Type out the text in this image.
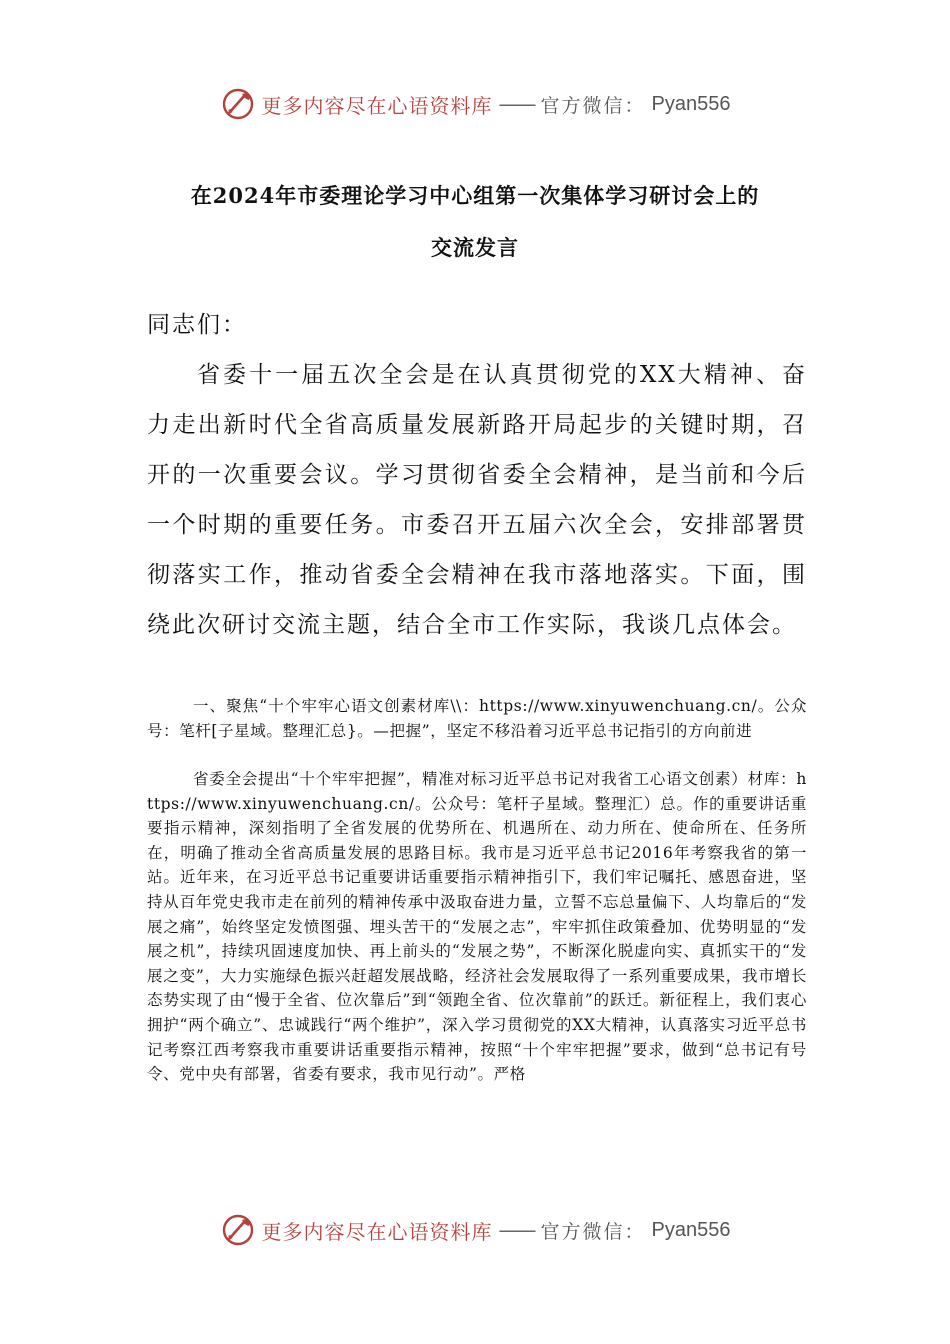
更多内容尽在心语资料库 —— 官方微信： Pyan556
在2024年市委理论学习中心组第一次集体学习研讨会上的
交流发言
同志们：

省委十一届五次全会是在认真贯彻党的XX大精神、奋力走出新时代全省高质量发展新路开局起步的关键时期，召开的一次重要会议。学习贯彻省委全会精神，是当前和今后一个时期的重要任务。市委召开五届六次全会，安排部署贯彻落实工作，推动省委全会精神在我市落地落实。下面，围绕此次研讨交流主题，结合全市工作实际，我谈几点体会。

一、聚焦“十个牢牢心语文创素材库\\：https://www.xinyuwenchuang.cn/。公众号：笔杆[子星域。整理汇总}。—把握”，坚定不移沿着习近平总书记指引的方向前进

省委全会提出“十个牢牢把握”，精准对标习近平总书记对我省工心语文创素）材库：https://www.xinyuwenchuang.cn/。公众号：笔杆子星域。整理汇）总。作的重要讲话重要指示精神，深刻指明了全省发展的优势所在、机遇所在、动力所在、使命所在、任务所在，明确了推动全省高质量发展的思路目标。我市是习近平总书记2016年考察我省的第一站。近年来，在习近平总书记重要讲话重要指示精神指引下，我们牢记嘱托、感恩奋进，坚持从百年党史我市走在前列的精神传承中汲取奋进力量，立誓不忘总量偏下、人均靠后的“发展之痛”，始终坚定发愤图强、埋头苦干的“发展之志”，牢牢抓住政策叠加、优势明显的“发展之机”，持续巩固速度加快、再上前头的“发展之势”，不断深化脱虚向实、真抓实干的“发展之变”，大力实施绿色振兴赶超发展战略，经济社会发展取得了一系列重要成果，我市增长态势实现了由“慢于全省、位次靠后”到“领跑全省、位次靠前”的跃迁。新征程上，我们衷心拥护“两个确立”、忠诚践行“两个维护”，深入学习贯彻党的XX大精神，认真落实习近平总书记考察江西考察我市重要讲话重要指示精神，按照“十个牢牢把握”要求，做到“总书记有号令、党中央有部署，省委有要求，我市见行动”。严格

更多内容尽在心语资料库 —— 官方微信： Pyan556
